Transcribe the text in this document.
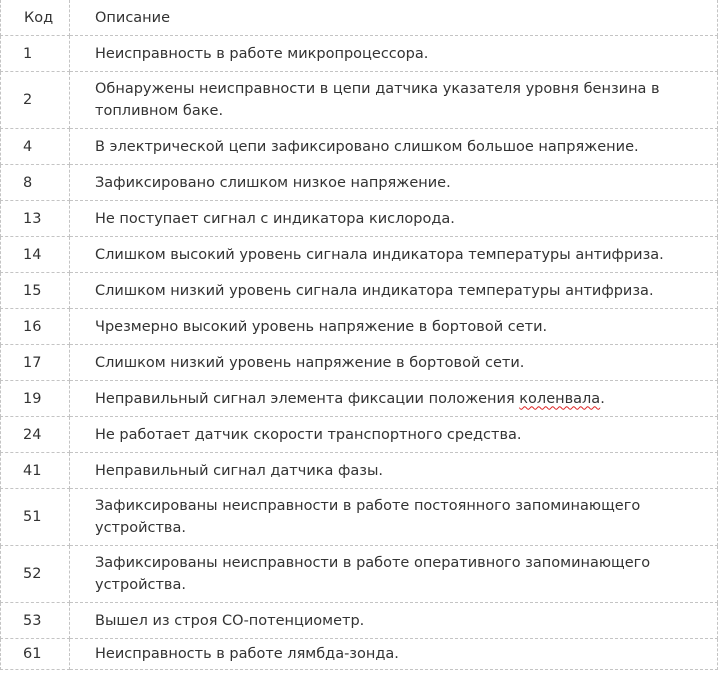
Код	Описание
1	Неисправность в работе микропроцессора.
2	Обнаружены неисправности в цепи датчика указателя уровня бензина в топливном баке.
4	В электрической цепи зафиксировано слишком большое напряжение.
8	Зафиксировано слишком низкое напряжение.
13	Не поступает сигнал с индикатора кислорода.
14	Слишком высокий уровень сигнала индикатора температуры антифриза.
15	Слишком низкий уровень сигнала индикатора температуры антифриза.
16	Чрезмерно высокий уровень напряжение в бортовой сети.
17	Слишком низкий уровень напряжение в бортовой сети.
19	Неправильный сигнал элемента фиксации положения коленвала.
24	Не работает датчик скорости транспортного средства.
41	Неправильный сигнал датчика фазы.
51	Зафиксированы неисправности в работе постоянного запоминающего устройства.
52	Зафиксированы неисправности в работе оперативного запоминающего устройства.
53	Вышел из строя СО-потенциометр.
61	Неисправность в работе лямбда-зонда.
